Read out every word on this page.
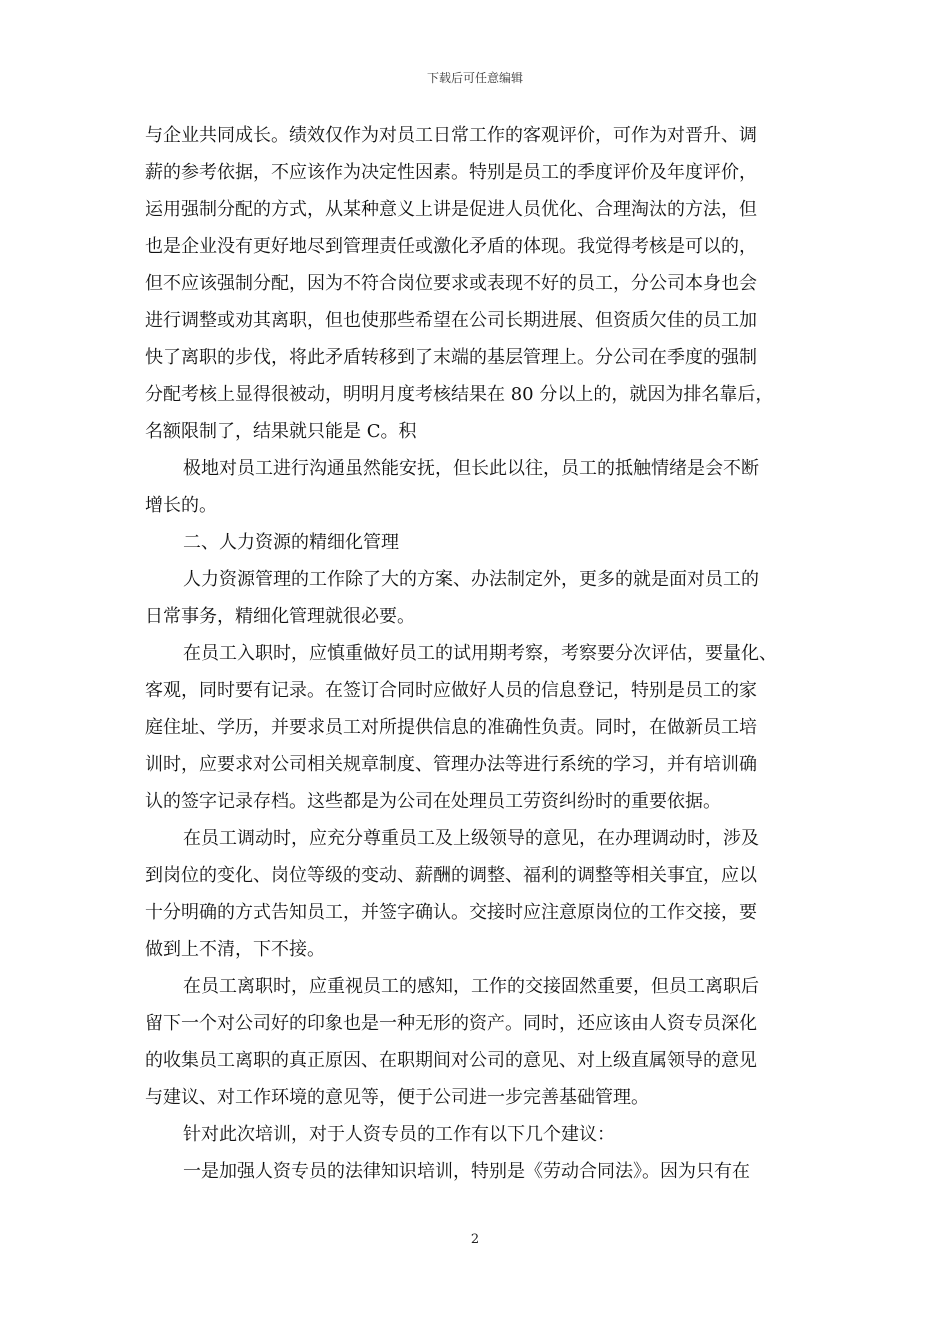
下载后可任意编辑

与企业共同成长。绩效仅作为对员工日常工作的客观评价，可作为对晋升、调
薪的参考依据，不应该作为决定性因素。特别是员工的季度评价及年度评价，
运用强制分配的方式，从某种意义上讲是促进人员优化、合理淘汰的方法，但
也是企业没有更好地尽到管理责任或激化矛盾的体现。我觉得考核是可以的，
但不应该强制分配，因为不符合岗位要求或表现不好的员工，分公司本身也会
进行调整或劝其离职，但也使那些希望在公司长期进展、但资质欠佳的员工加
快了离职的步伐，将此矛盾转移到了末端的基层管理上。分公司在季度的强制
分配考核上显得很被动，明明月度考核结果在 80 分以上的，就因为排名靠后，
名额限制了，结果就只能是 C。积

极地对员工进行沟通虽然能安抚，但长此以往，员工的抵触情绪是会不断
增长的。

二、人力资源的精细化管理

人力资源管理的工作除了大的方案、办法制定外，更多的就是面对员工的
日常事务，精细化管理就很必要。

在员工入职时，应慎重做好员工的试用期考察，考察要分次评估，要量化、
客观，同时要有记录。在签订合同时应做好人员的信息登记，特别是员工的家
庭住址、学历，并要求员工对所提供信息的准确性负责。同时，在做新员工培
训时，应要求对公司相关规章制度、管理办法等进行系统的学习，并有培训确
认的签字记录存档。这些都是为公司在处理员工劳资纠纷时的重要依据。

在员工调动时，应充分尊重员工及上级领导的意见，在办理调动时，涉及
到岗位的变化、岗位等级的变动、薪酬的调整、福利的调整等相关事宜，应以
十分明确的方式告知员工，并签字确认。交接时应注意原岗位的工作交接，要
做到上不清，下不接。

在员工离职时，应重视员工的感知，工作的交接固然重要，但员工离职后
留下一个对公司好的印象也是一种无形的资产。同时，还应该由人资专员深化
的收集员工离职的真正原因、在职期间对公司的意见、对上级直属领导的意见
与建议、对工作环境的意见等，便于公司进一步完善基础管理。

针对此次培训，对于人资专员的工作有以下几个建议：

一是加强人资专员的法律知识培训，特别是《劳动合同法》。因为只有在

2
